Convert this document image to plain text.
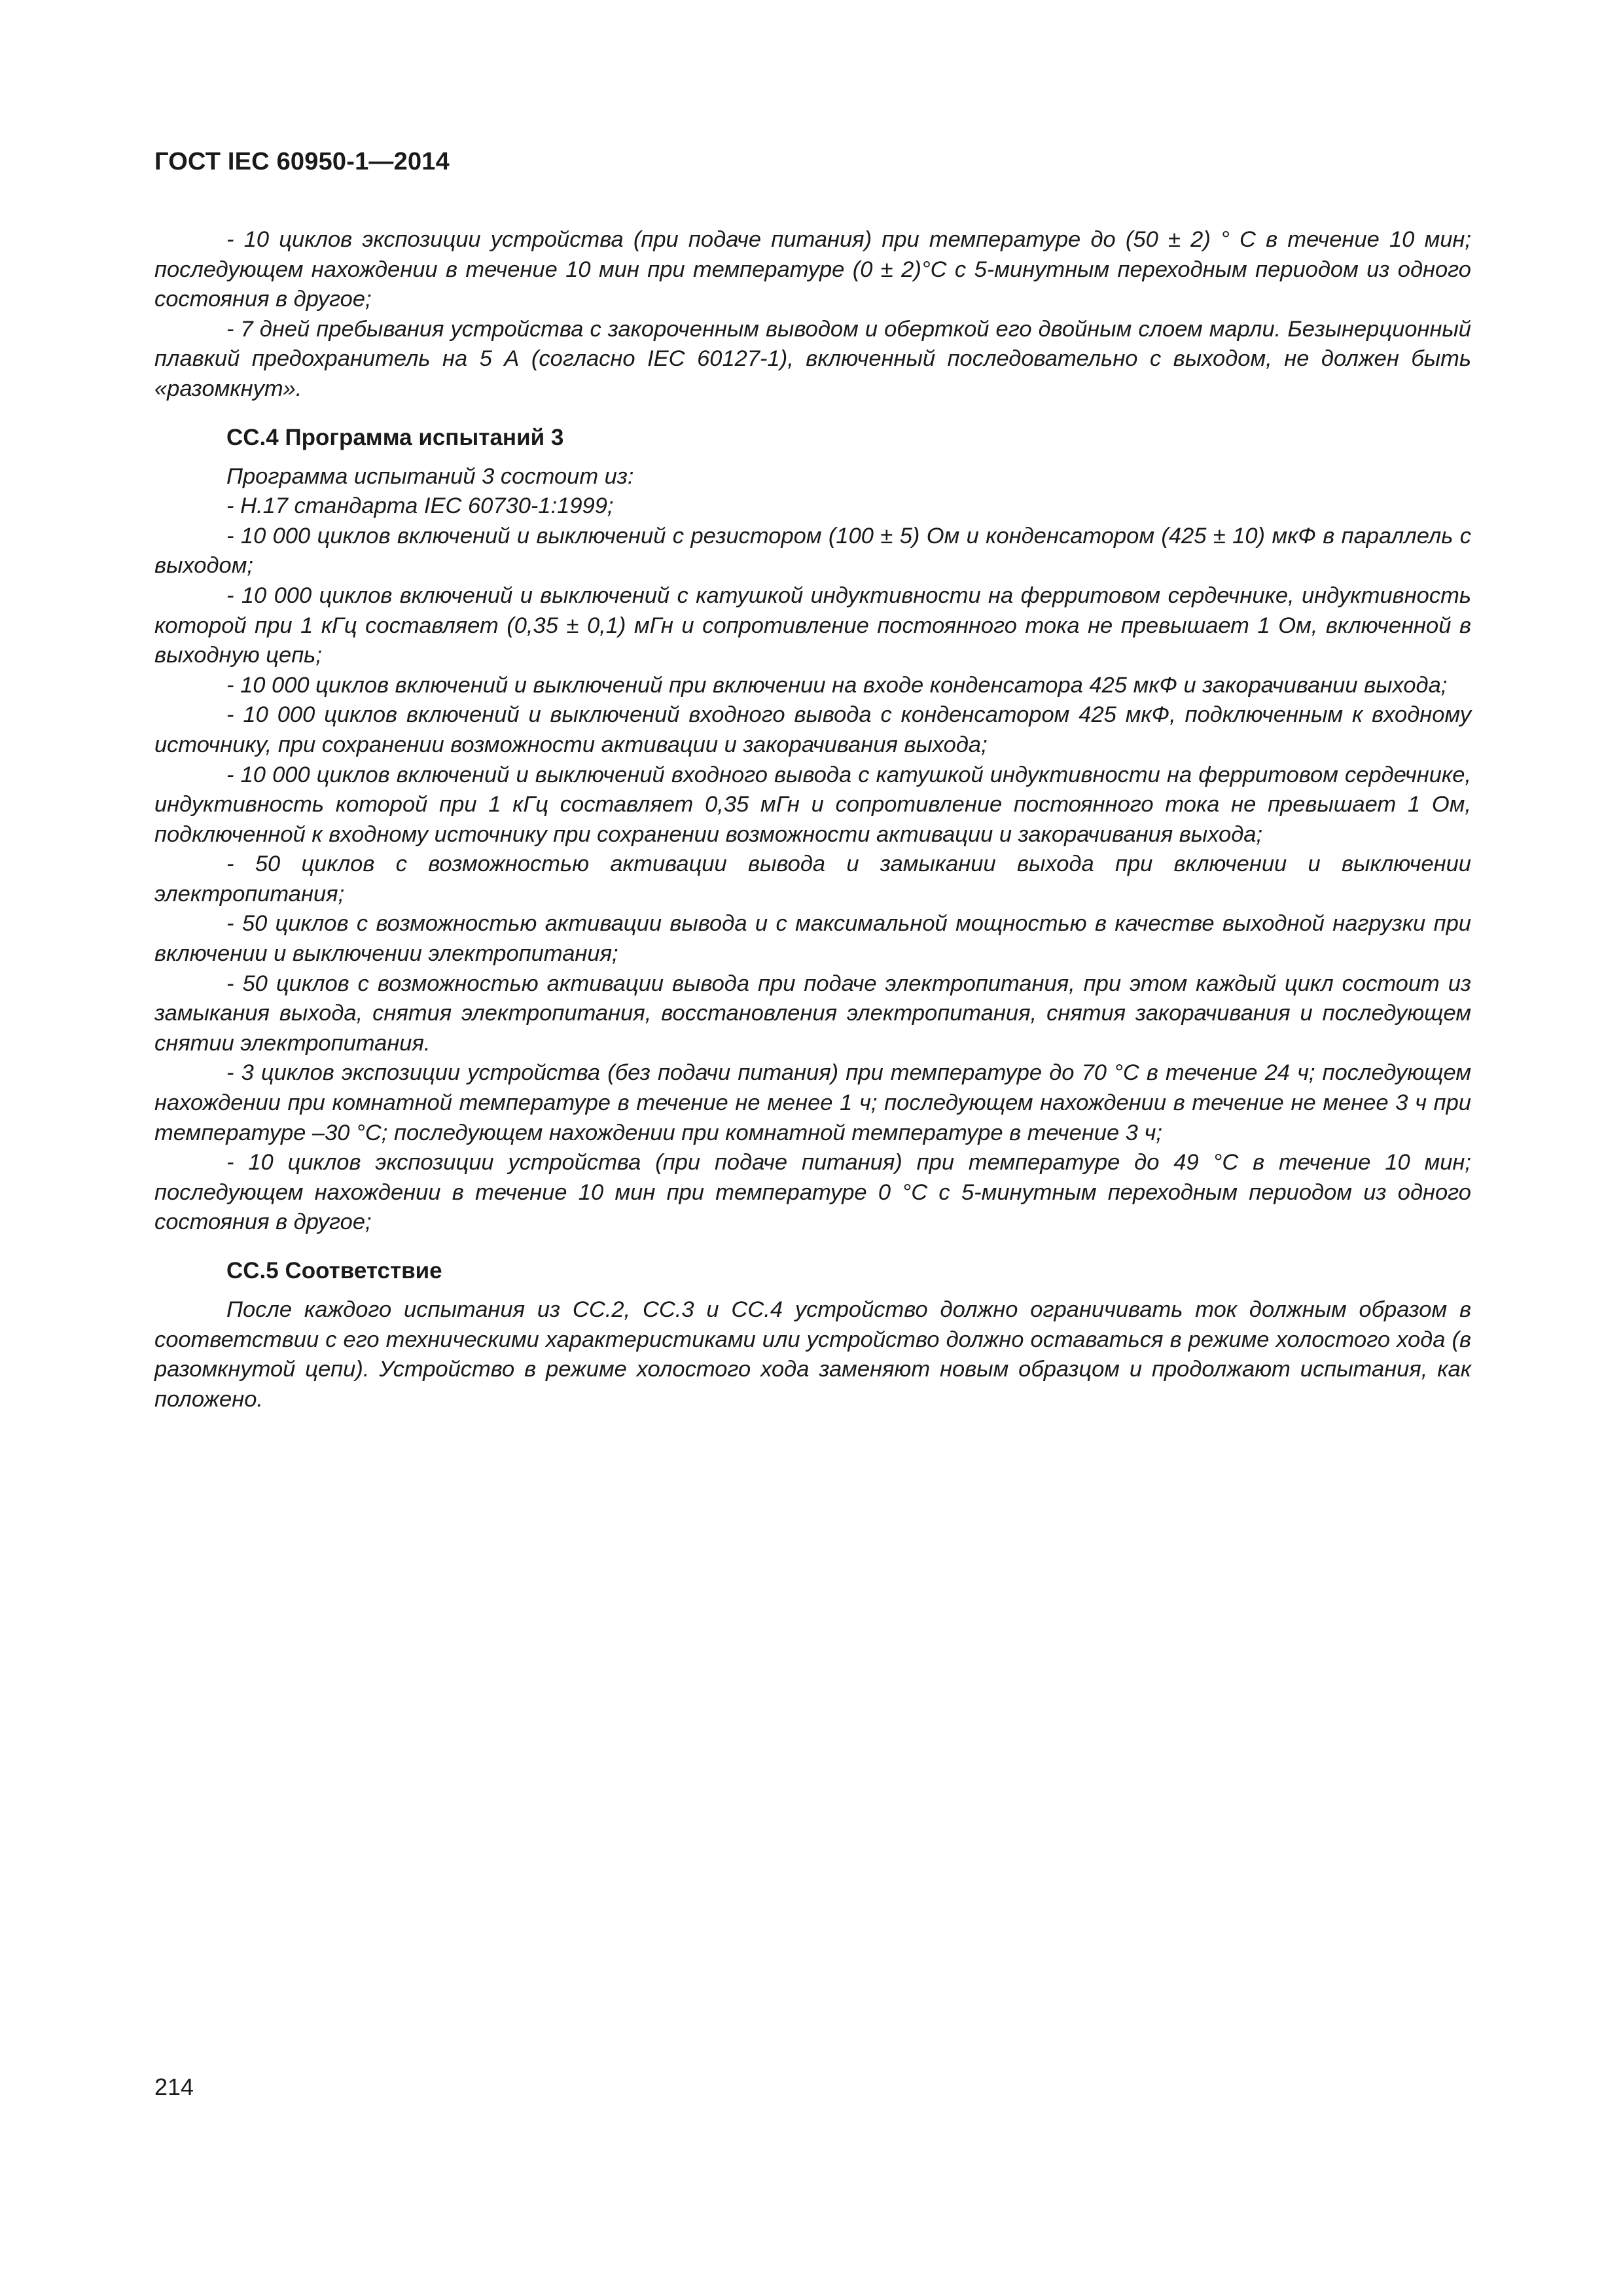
ГОСТ IEC 60950-1—2014

- 10 циклов экспозиции устройства (при подаче питания) при температуре до (50 ± 2) ° C в течение 10 мин; последующем нахождении в течение 10 мин при температуре (0 ± 2)°C с 5-минутным переходным периодом из одного состояния в другое;

- 7 дней пребывания устройства с закороченным выводом и оберткой его двойным слоем марли. Безынерционный плавкий предохранитель на 5 А (согласно IEC 60127-1), включенный последовательно с выходом, не должен быть «разомкнут».

СС.4 Программа испытаний 3

Программа испытаний 3 состоит из:

- Н.17 стандарта IEC 60730-1:1999;

- 10 000 циклов включений и выключений с резистором (100 ± 5) Ом и конденсатором (425 ± 10) мкФ в параллель с выходом;

- 10 000 циклов включений и выключений с катушкой индуктивности на ферритовом сердечнике, индуктивность которой при 1 кГц составляет (0,35 ± 0,1) мГн и сопротивление постоянного тока не превышает 1 Ом, включенной в выходную цепь;

- 10 000 циклов включений и выключений при включении на входе конденсатора 425 мкФ и закорачивании выхода;

- 10 000 циклов включений и выключений входного вывода с конденсатором 425 мкФ, подключенным к входному источнику, при сохранении возможности активации и закорачивания выхода;

- 10 000 циклов включений и выключений входного вывода с катушкой индуктивности на ферритовом сердечнике, индуктивность которой при 1 кГц составляет 0,35 мГн и сопротивление постоянного тока не превышает 1 Ом, подключенной к входному источнику при сохранении возможности активации и закорачивания выхода;

- 50 циклов с возможностью активации вывода и замыкании выхода при включении и выключении электропитания;

- 50 циклов с возможностью активации вывода и с максимальной мощностью в качестве выходной нагрузки при включении и выключении электропитания;

- 50 циклов с возможностью активации вывода при подаче электропитания, при этом каждый цикл состоит из замыкания выхода, снятия электропитания, восстановления электропитания, снятия закорачивания и последующем снятии электропитания.

- 3 циклов экспозиции устройства (без подачи питания) при температуре до 70 °C в течение 24 ч; последующем нахождении при комнатной температуре в течение не менее 1 ч; последующем нахождении в течение не менее 3 ч при температуре –30 °C; последующем нахождении при комнатной температуре в течение 3 ч;

- 10 циклов экспозиции устройства (при подаче питания) при температуре до 49 °C в течение 10 мин; последующем нахождении в течение 10 мин при температуре 0 °C с 5-минутным переходным периодом из одного состояния в другое;

СС.5 Соответствие

После каждого испытания из СС.2, СС.3 и СС.4 устройство должно ограничивать ток должным образом в соответствии с его техническими характеристиками или устройство должно оставаться в режиме холостого хода (в разомкнутой цепи). Устройство в режиме холостого хода заменяют новым образцом и продолжают испытания, как положено.

214
